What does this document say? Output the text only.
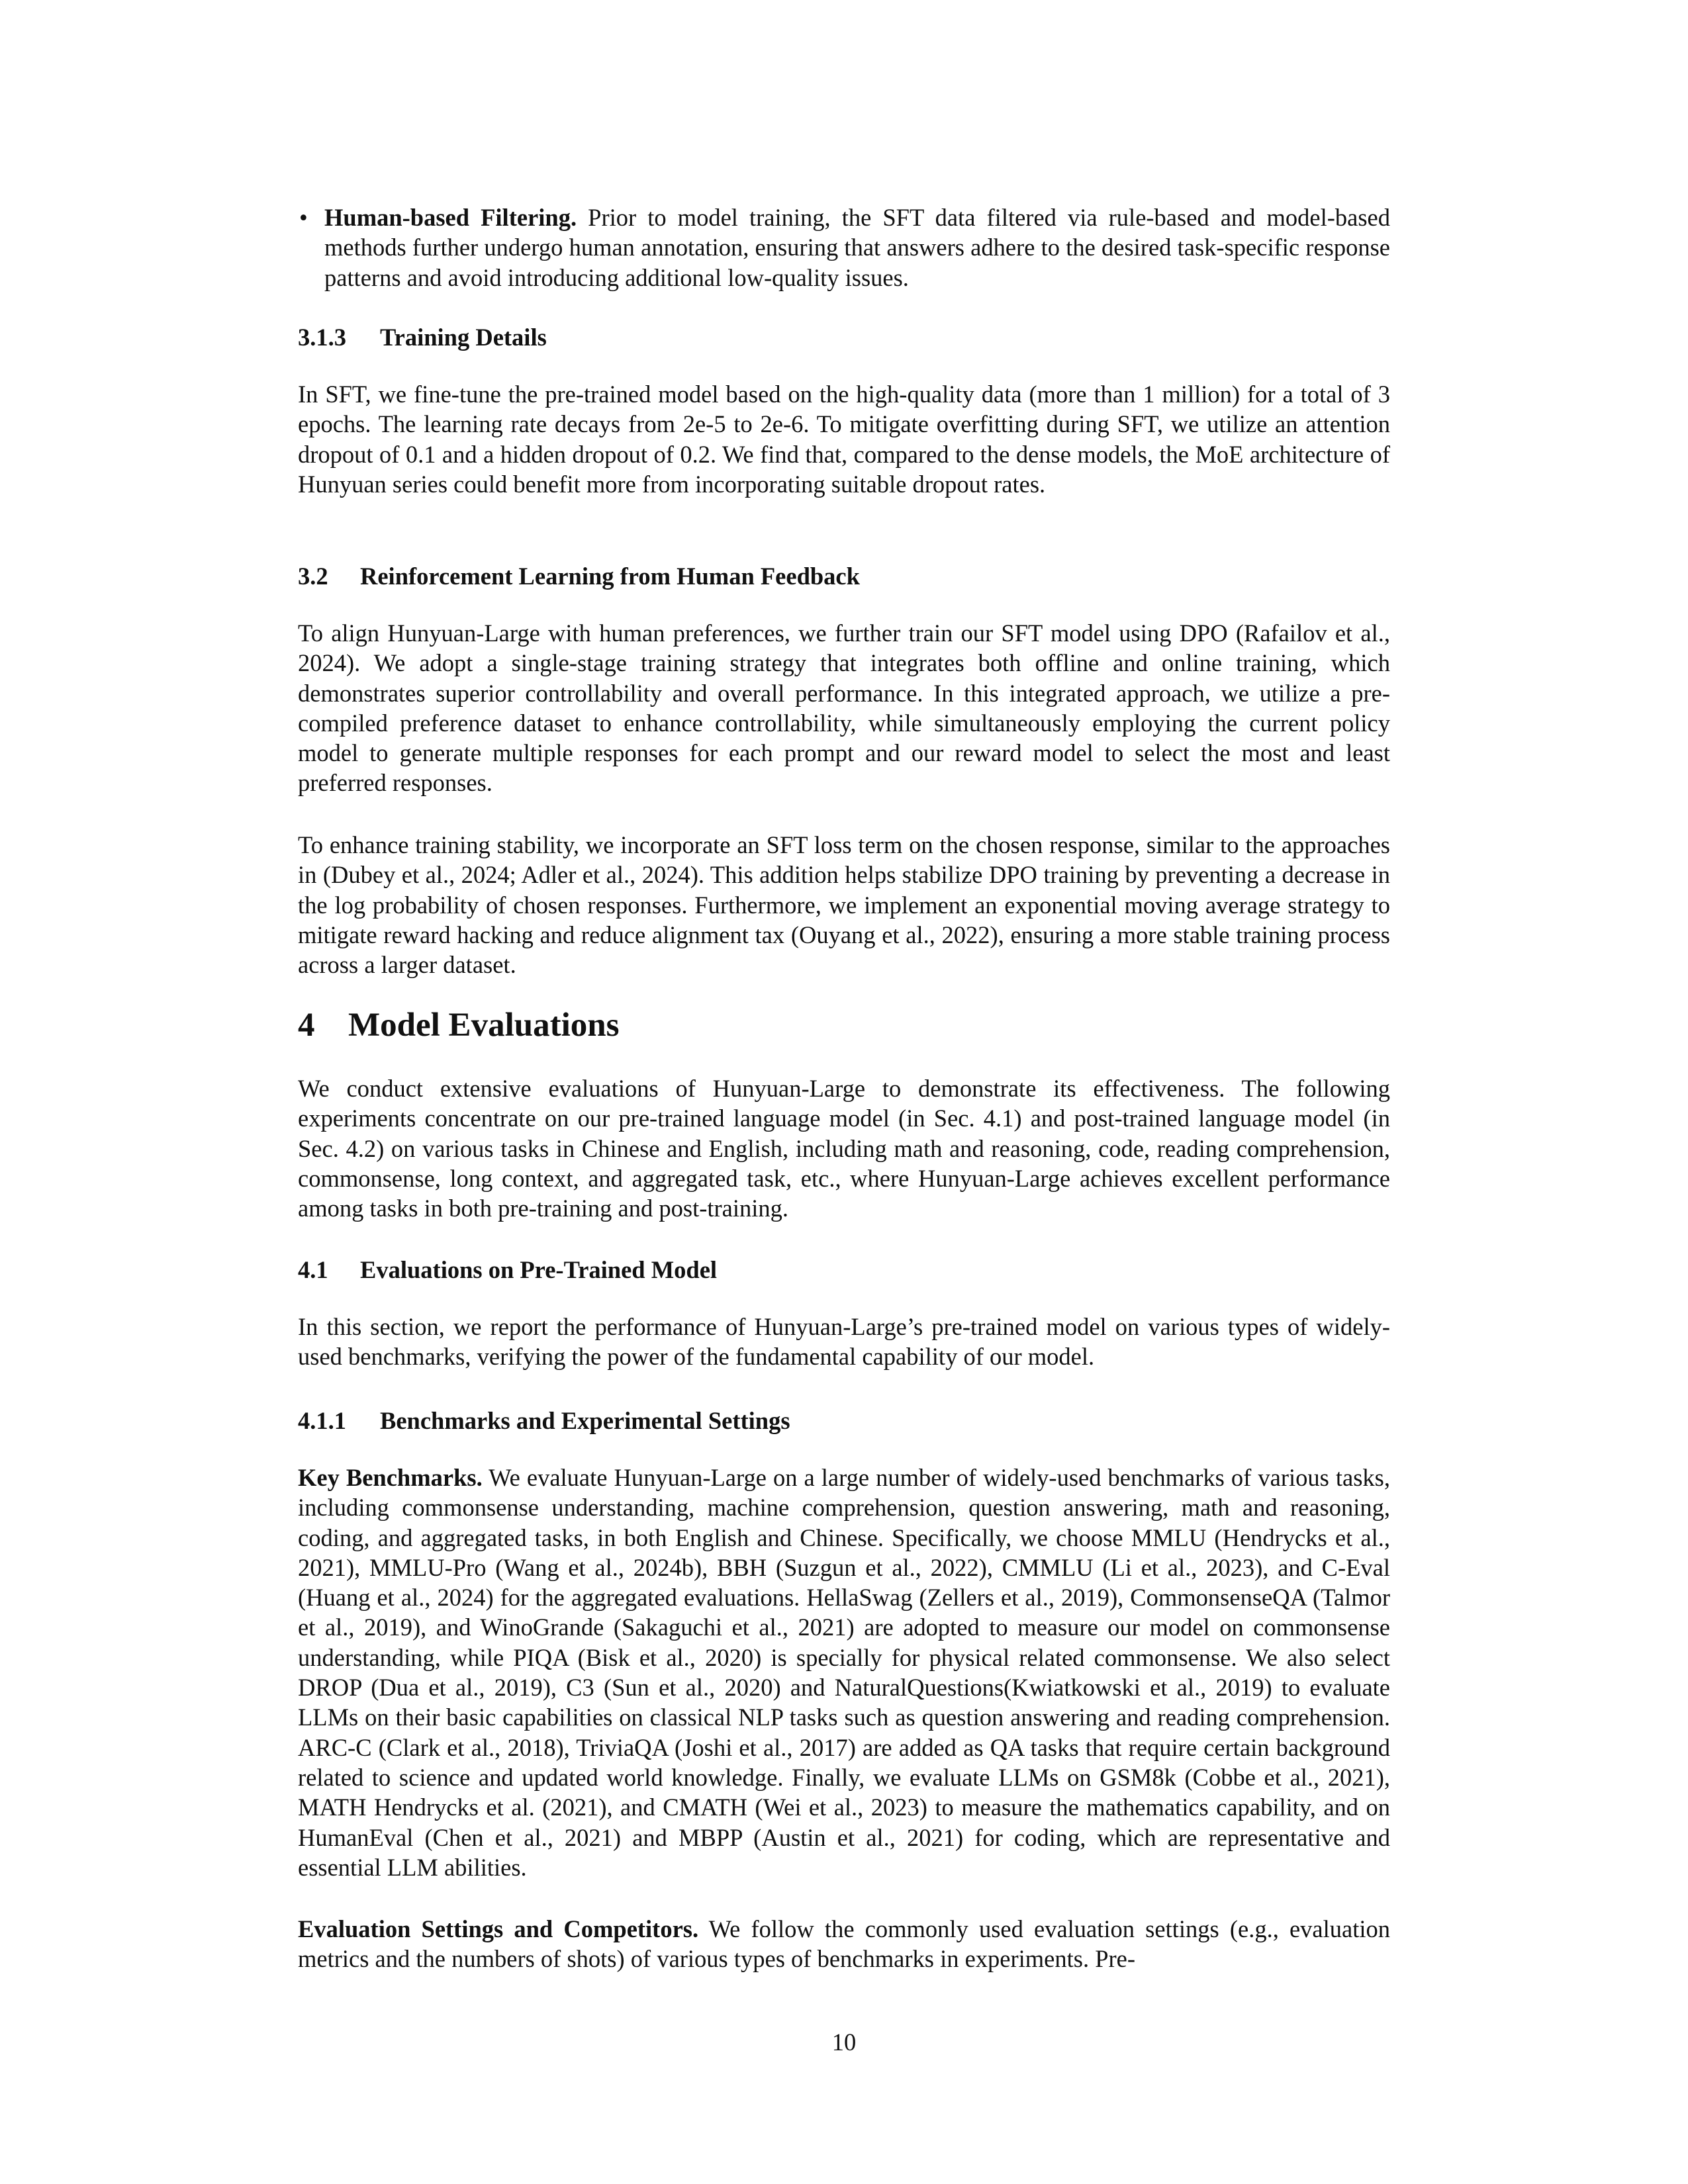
• Human-based Filtering. Prior to model training, the SFT data filtered via rule-based and model-based methods further undergo human annotation, ensuring that answers adhere to the desired task-specific response patterns and avoid introducing additional low-quality issues.

3.1.3 Training Details

In SFT, we fine-tune the pre-trained model based on the high-quality data (more than 1 million) for a total of 3 epochs. The learning rate decays from 2e-5 to 2e-6. To mitigate overfitting during SFT, we utilize an attention dropout of 0.1 and a hidden dropout of 0.2. We find that, compared to the dense models, the MoE architecture of Hunyuan series could benefit more from incorporating suitable dropout rates.

3.2 Reinforcement Learning from Human Feedback

To align Hunyuan-Large with human preferences, we further train our SFT model using DPO (Rafailov et al., 2024). We adopt a single-stage training strategy that integrates both offline and online training, which demonstrates superior controllability and overall performance. In this integrated approach, we utilize a pre-compiled preference dataset to enhance controllability, while simultaneously employing the current policy model to generate multiple responses for each prompt and our reward model to select the most and least preferred responses.

To enhance training stability, we incorporate an SFT loss term on the chosen response, similar to the approaches in (Dubey et al., 2024; Adler et al., 2024). This addition helps stabilize DPO training by preventing a decrease in the log probability of chosen responses. Furthermore, we implement an exponential moving average strategy to mitigate reward hacking and reduce alignment tax (Ouyang et al., 2022), ensuring a more stable training process across a larger dataset.

4 Model Evaluations

We conduct extensive evaluations of Hunyuan-Large to demonstrate its effectiveness. The following experiments concentrate on our pre-trained language model (in Sec. 4.1) and post-trained language model (in Sec. 4.2) on various tasks in Chinese and English, including math and reasoning, code, reading comprehension, commonsense, long context, and aggregated task, etc., where Hunyuan-Large achieves excellent performance among tasks in both pre-training and post-training.

4.1 Evaluations on Pre-Trained Model

In this section, we report the performance of Hunyuan-Large’s pre-trained model on various types of widely-used benchmarks, verifying the power of the fundamental capability of our model.

4.1.1 Benchmarks and Experimental Settings

Key Benchmarks. We evaluate Hunyuan-Large on a large number of widely-used benchmarks of various tasks, including commonsense understanding, machine comprehension, question answering, math and reasoning, coding, and aggregated tasks, in both English and Chinese. Specifically, we choose MMLU (Hendrycks et al., 2021), MMLU-Pro (Wang et al., 2024b), BBH (Suzgun et al., 2022), CMMLU (Li et al., 2023), and C-Eval (Huang et al., 2024) for the aggregated evaluations. HellaSwag (Zellers et al., 2019), CommonsenseQA (Talmor et al., 2019), and WinoGrande (Sakaguchi et al., 2021) are adopted to measure our model on commonsense understanding, while PIQA (Bisk et al., 2020) is specially for physical related commonsense. We also select DROP (Dua et al., 2019), C3 (Sun et al., 2020) and NaturalQuestions(Kwiatkowski et al., 2019) to evaluate LLMs on their basic capabilities on classical NLP tasks such as question answering and reading comprehension. ARC-C (Clark et al., 2018), TriviaQA (Joshi et al., 2017) are added as QA tasks that require certain background related to science and updated world knowledge. Finally, we evaluate LLMs on GSM8k (Cobbe et al., 2021), MATH Hendrycks et al. (2021), and CMATH (Wei et al., 2023) to measure the mathematics capability, and on HumanEval (Chen et al., 2021) and MBPP (Austin et al., 2021) for coding, which are representative and essential LLM abilities.

Evaluation Settings and Competitors. We follow the commonly used evaluation settings (e.g., evaluation metrics and the numbers of shots) of various types of benchmarks in experiments. Pre-

10
